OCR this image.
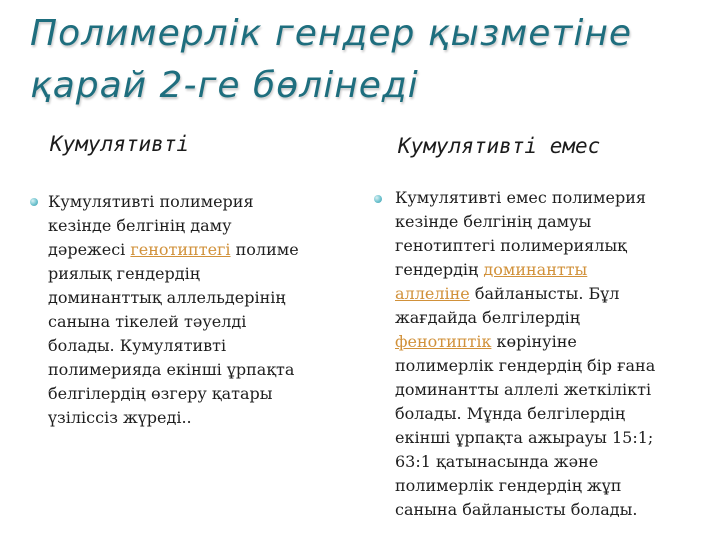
Полимерлік гендер қызметіне
қарай 2-ге бөлінеді
Кумулятивті	Кумулятивті емес
Кумулятивті полимерия
кезінде белгінің даму
дәрежесі генотиптегі полиме
риялық гендердің
доминанттық аллельдерінің
санына тікелей тәуелді
болады. Кумулятивті
полимерияда екінші ұрпақта
белгілердің өзгеру қатары
үзіліссіз жүреді..
Кумулятивті емес полимерия
кезінде белгінің дамуы
генотиптегі полимериялық
гендердің доминантты
аллеліне байланысты. Бұл
жағдайда белгілердің
фенотиптік көрінуіне
полимерлік гендердің бір ғана
доминантты аллелі жеткілікті
болады. Мұнда белгілердің
екінші ұрпақта ажырауы 15:1;
63:1 қатынасында және
полимерлік гендердің жұп
санына байланысты болады.
